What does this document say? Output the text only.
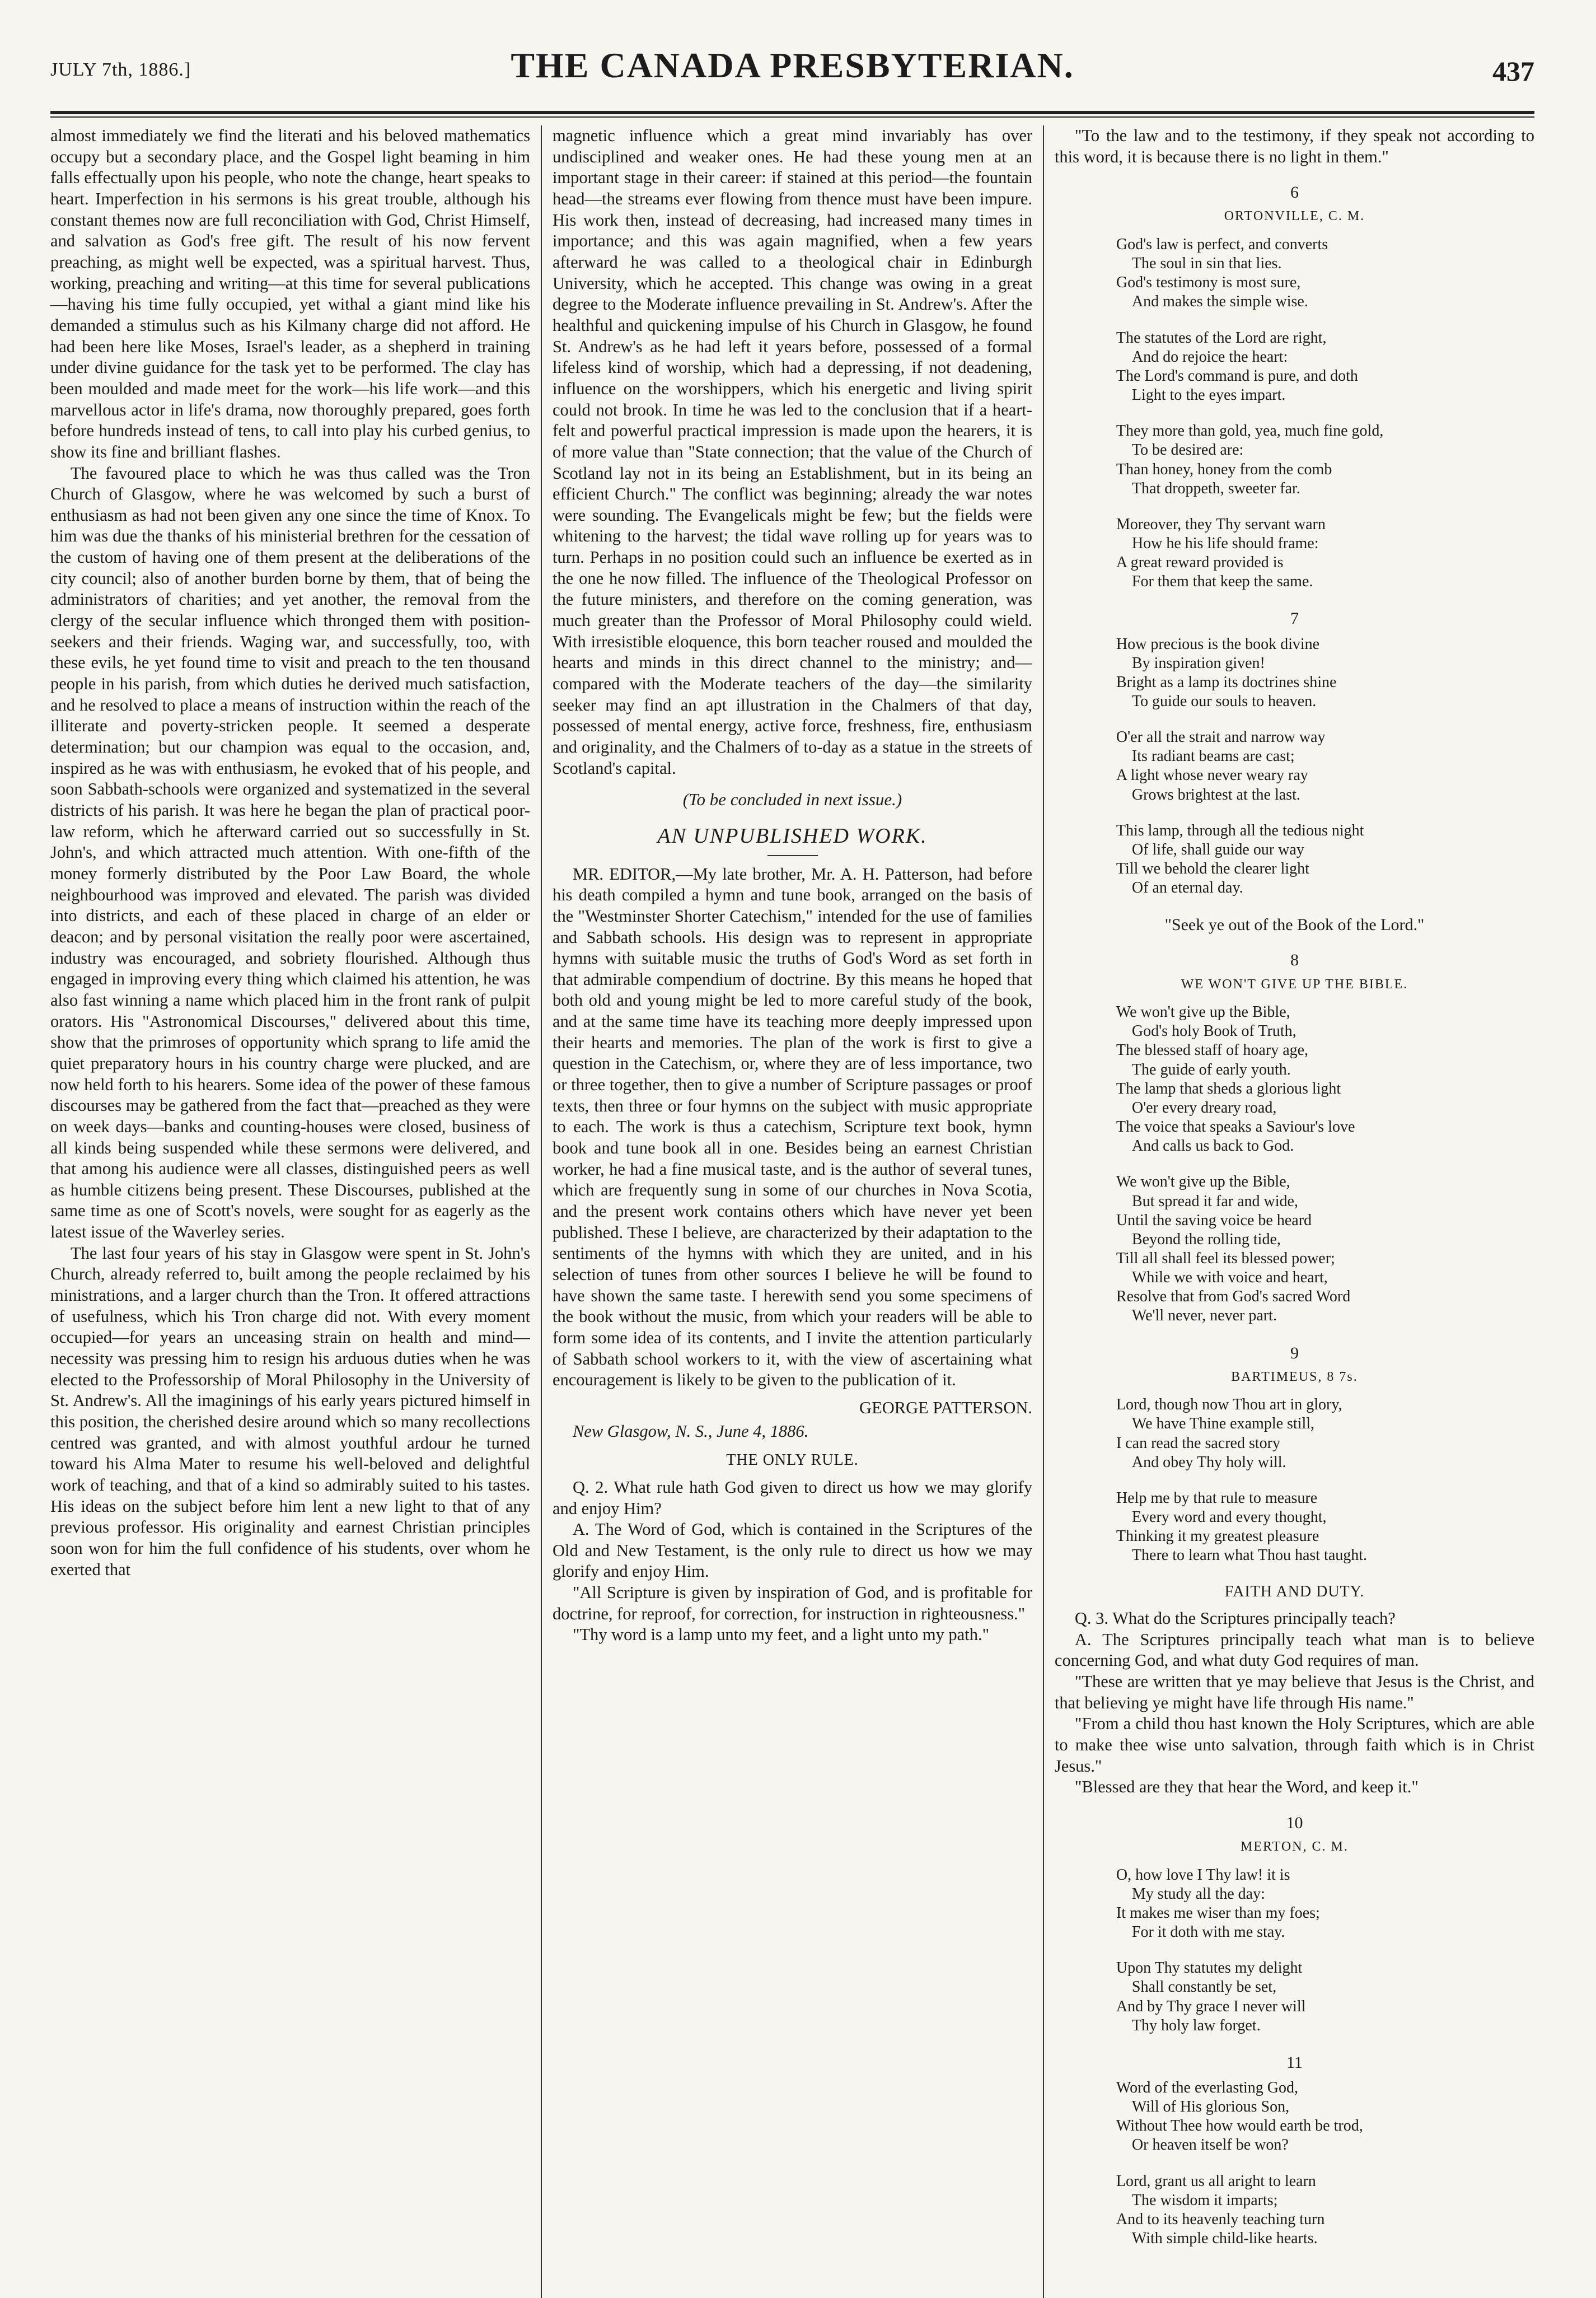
JULY 7th, 1886.]	THE CANADA PRESBYTERIAN.	437

almost immediately we find the literati and his beloved mathematics occupy but a secondary place, and the Gospel light beaming in him falls effectually upon his people, who note the change, heart speaks to heart. Imperfection in his sermons is his great trouble, although his constant themes now are full reconciliation with God, Christ Himself, and salvation as God's free gift. The result of his now fervent preaching, as might well be expected, was a spiritual harvest. Thus, working, preaching and writing—at this time for several publications—having his time fully occupied, yet withal a giant mind like his demanded a stimulus such as his Kilmany charge did not afford. He had been here like Moses, Israel's leader, as a shepherd in training under divine guidance for the task yet to be performed. The clay has been moulded and made meet for the work—his life work—and this marvellous actor in life's drama, now thoroughly prepared, goes forth before hundreds instead of tens, to call into play his curbed genius, to show its fine and brilliant flashes.

The favoured place to which he was thus called was the Tron Church of Glasgow, where he was welcomed by such a burst of enthusiasm as had not been given any one since the time of Knox. To him was due the thanks of his ministerial brethren for the cessation of the custom of having one of them present at the deliberations of the city council; also of another burden borne by them, that of being the administrators of charities; and yet another, the removal from the clergy of the secular influence which thronged them with position-seekers and their friends. Waging war, and successfully, too, with these evils, he yet found time to visit and preach to the ten thousand people in his parish, from which duties he derived much satisfaction, and he resolved to place a means of instruction within the reach of the illiterate and poverty-stricken people. It seemed a desperate determination; but our champion was equal to the occasion, and, inspired as he was with enthusiasm, he evoked that of his people, and soon Sabbath-schools were organized and systematized in the several districts of his parish. It was here he began the plan of practical poor-law reform, which he afterward carried out so successfully in St. John's, and which attracted much attention. With one-fifth of the money formerly distributed by the Poor Law Board, the whole neighbourhood was improved and elevated. The parish was divided into districts, and each of these placed in charge of an elder or deacon; and by personal visitation the really poor were ascertained, industry was encouraged, and sobriety flourished. Although thus engaged in improving every thing which claimed his attention, he was also fast winning a name which placed him in the front rank of pulpit orators. His "Astronomical Discourses," delivered about this time, show that the primroses of opportunity which sprang to life amid the quiet preparatory hours in his country charge were plucked, and are now held forth to his hearers. Some idea of the power of these famous discourses may be gathered from the fact that—preached as they were on week days—banks and counting-houses were closed, business of all kinds being suspended while these sermons were delivered, and that among his audience were all classes, distinguished peers as well as humble citizens being present. These Discourses, published at the same time as one of Scott's novels, were sought for as eagerly as the latest issue of the Waverley series.

The last four years of his stay in Glasgow were spent in St. John's Church, already referred to, built among the people reclaimed by his ministrations, and a larger church than the Tron. It offered attractions of usefulness, which his Tron charge did not. With every moment occupied—for years an unceasing strain on health and mind—necessity was pressing him to resign his arduous duties when he was elected to the Professorship of Moral Philosophy in the University of St. Andrew's. All the imaginings of his early years pictured himself in this position, the cherished desire around which so many recollections centred was granted, and with almost youthful ardour he turned toward his Alma Mater to resume his well-beloved and delightful work of teaching, and that of a kind so admirably suited to his tastes. His ideas on the subject before him lent a new light to that of any previous professor. His originality and earnest Christian principles soon won for him the full confidence of his students, over whom he exerted that

magnetic influence which a great mind invariably has over undisciplined and weaker ones. He had these young men at an important stage in their career: if stained at this period—the fountain head—the streams ever flowing from thence must have been impure. His work then, instead of decreasing, had increased many times in importance; and this was again magnified, when a few years afterward he was called to a theological chair in Edinburgh University, which he accepted. This change was owing in a great degree to the Moderate influence prevailing in St. Andrew's. After the healthful and quickening impulse of his Church in Glasgow, he found St. Andrew's as he had left it years before, possessed of a formal lifeless kind of worship, which had a depressing, if not deadening, influence on the worshippers, which his energetic and living spirit could not brook. In time he was led to the conclusion that if a heart-felt and powerful practical impression is made upon the hearers, it is of more value than "State connection; that the value of the Church of Scotland lay not in its being an Establishment, but in its being an efficient Church." The conflict was beginning; already the war notes were sounding. The Evangelicals might be few; but the fields were whitening to the harvest; the tidal wave rolling up for years was to turn. Perhaps in no position could such an influence be exerted as in the one he now filled. The influence of the Theological Professor on the future ministers, and therefore on the coming generation, was much greater than the Professor of Moral Philosophy could wield. With irresistible eloquence, this born teacher roused and moulded the hearts and minds in this direct channel to the ministry; and—compared with the Moderate teachers of the day—the similarity seeker may find an apt illustration in the Chalmers of that day, possessed of mental energy, active force, freshness, fire, enthusiasm and originality, and the Chalmers of to-day as a statue in the streets of Scotland's capital.

(To be concluded in next issue.)
AN UNPUBLISHED WORK.

MR. EDITOR,—My late brother, Mr. A. H. Patterson, had before his death compiled a hymn and tune book, arranged on the basis of the "Westminster Shorter Catechism," intended for the use of families and Sabbath schools. His design was to represent in appropriate hymns with suitable music the truths of God's Word as set forth in that admirable compendium of doctrine. By this means he hoped that both old and young might be led to more careful study of the book, and at the same time have its teaching more deeply impressed upon their hearts and memories. The plan of the work is first to give a question in the Catechism, or, where they are of less importance, two or three together, then to give a number of Scripture passages or proof texts, then three or four hymns on the subject with music appropriate to each. The work is thus a catechism, Scripture text book, hymn book and tune book all in one. Besides being an earnest Christian worker, he had a fine musical taste, and is the author of several tunes, which are frequently sung in some of our churches in Nova Scotia, and the present work contains others which have never yet been published. These I believe, are characterized by their adaptation to the sentiments of the hymns with which they are united, and in his selection of tunes from other sources I believe he will be found to have shown the same taste. I herewith send you some specimens of the book without the music, from which your readers will be able to form some idea of its contents, and I invite the attention particularly of Sabbath school workers to it, with the view of ascertaining what encouragement is likely to be given to the publication of it.

GEORGE PATTERSON.
New Glasgow, N. S., June 4, 1886.
THE ONLY RULE.

Q. 2. What rule hath God given to direct us how we may glorify and enjoy Him?

A. The Word of God, which is contained in the Scriptures of the Old and New Testament, is the only rule to direct us how we may glorify and enjoy Him.

"All Scripture is given by inspiration of God, and is profitable for doctrine, for reproof, for correction, for instruction in righteousness."

"Thy word is a lamp unto my feet, and a light unto my path."

"To the law and to the testimony, if they speak not according to this word, it is because there is no light in them."

6
ORTONVILLE, C. M.
God's law is perfect, and converts
The soul in sin that lies.
God's testimony is most sure,
And makes the simple wise.
The statutes of the Lord are right,
And do rejoice the heart:
The Lord's command is pure, and doth
Light to the eyes impart.
They more than gold, yea, much fine gold,
To be desired are:
Than honey, honey from the comb
That droppeth, sweeter far.
Moreover, they Thy servant warn
How he his life should frame:
A great reward provided is
For them that keep the same.
7
How precious is the book divine
By inspiration given!
Bright as a lamp its doctrines shine
To guide our souls to heaven.
O'er all the strait and narrow way
Its radiant beams are cast;
A light whose never weary ray
Grows brightest at the last.
This lamp, through all the tedious night
Of life, shall guide our way
Till we behold the clearer light
Of an eternal day.
"Seek ye out of the Book of the Lord."
8
WE WON'T GIVE UP THE BIBLE.
We won't give up the Bible,
God's holy Book of Truth,
The blessed staff of hoary age,
The guide of early youth.
The lamp that sheds a glorious light
O'er every dreary road,
The voice that speaks a Saviour's love
And calls us back to God.
We won't give up the Bible,
But spread it far and wide,
Until the saving voice be heard
Beyond the rolling tide,
Till all shall feel its blessed power;
While we with voice and heart,
Resolve that from God's sacred Word
We'll never, never part.
9
BARTIMEUS, 8 7s.
Lord, though now Thou art in glory,
We have Thine example still,
I can read the sacred story
And obey Thy holy will.
Help me by that rule to measure
Every word and every thought,
Thinking it my greatest pleasure
There to learn what Thou hast taught.
FAITH AND DUTY.

Q. 3. What do the Scriptures principally teach?

A. The Scriptures principally teach what man is to believe concerning God, and what duty God requires of man.

"These are written that ye may believe that Jesus is the Christ, and that believing ye might have life through His name."

"From a child thou hast known the Holy Scriptures, which are able to make thee wise unto salvation, through faith which is in Christ Jesus."

"Blessed are they that hear the Word, and keep it."

10
MERTON, C. M.
O, how love I Thy law! it is
My study all the day:
It makes me wiser than my foes;
For it doth with me stay.
Upon Thy statutes my delight
Shall constantly be set,
And by Thy grace I never will
Thy holy law forget.
11
Word of the everlasting God,
Will of His glorious Son,
Without Thee how would earth be trod,
Or heaven itself be won?
Lord, grant us all aright to learn
The wisdom it imparts;
And to its heavenly teaching turn
With simple child-like hearts.
